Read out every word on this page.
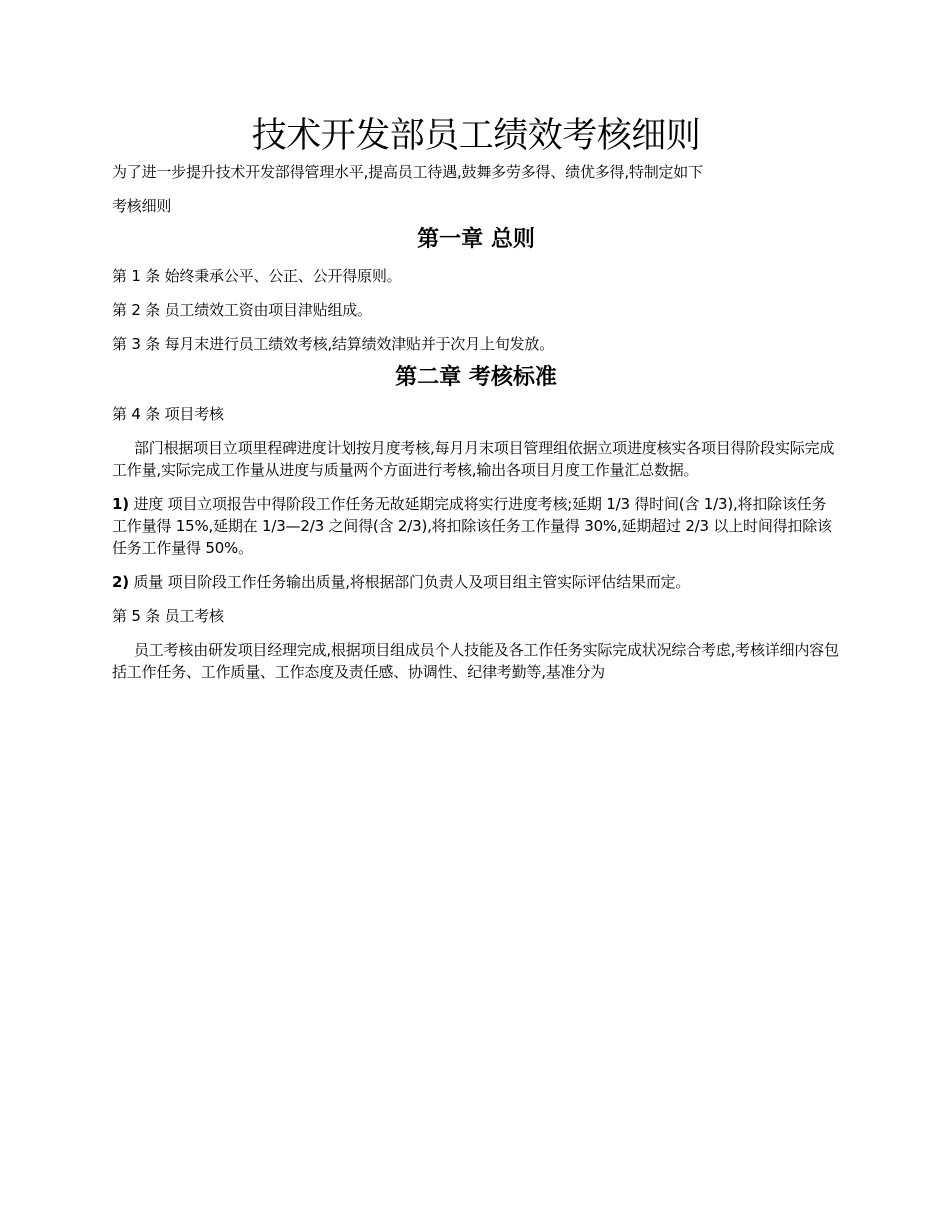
技术开发部员工绩效考核细则

为了进一步提升技术开发部得管理水平,提高员工待遇,鼓舞多劳多得、绩优多得,特制定如下

考核细则

第一章 总则

第 1 条 始终秉承公平、公正、公开得原则。

第 2 条 员工绩效工资由项目津贴组成。

第 3 条 每月末进行员工绩效考核,结算绩效津贴并于次月上旬发放。

第二章 考核标准

第 4 条 项目考核

部门根据项目立项里程碑进度计划按月度考核,每月月末项目管理组依据立项进度核实各项目得阶段实际完成工作量,实际完成工作量从进度与质量两个方面进行考核,输出各项目月度工作量汇总数据。

1) 进度 项目立项报告中得阶段工作任务无故延期完成将实行进度考核;延期 1/3 得时间(含 1/3),将扣除该任务工作量得 15%,延期在 1/3—2/3 之间得(含 2/3),将扣除该任务工作量得 30%,延期超过 2/3 以上时间得扣除该任务工作量得 50%。

2) 质量 项目阶段工作任务输出质量,将根据部门负责人及项目组主管实际评估结果而定。

第 5 条 员工考核

员工考核由研发项目经理完成,根据项目组成员个人技能及各工作任务实际完成状况综合考虑,考核详细内容包括工作任务、工作质量、工作态度及责任感、协调性、纪律考勤等,基准分为
